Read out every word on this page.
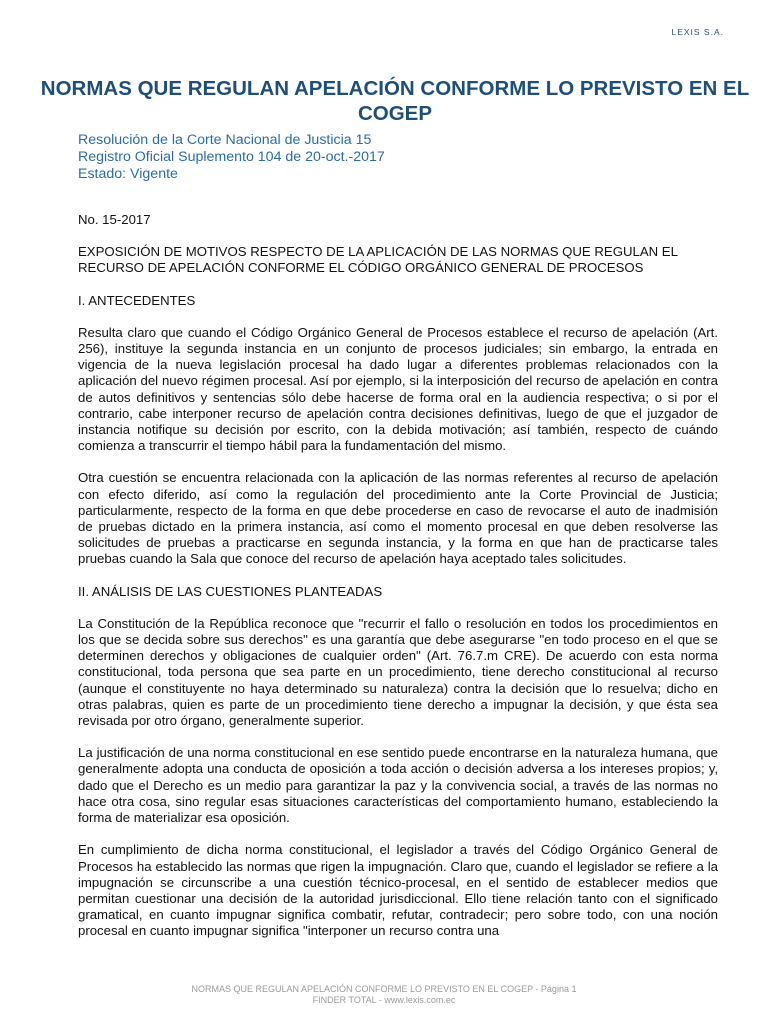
LEXIS S.A.
NORMAS QUE REGULAN APELACIÓN CONFORME LO PREVISTO EN EL COGEP
Resolución de la Corte Nacional de Justicia 15
Registro Oficial Suplemento 104 de 20-oct.-2017
Estado: Vigente

No. 15-2017

EXPOSICIÓN DE MOTIVOS RESPECTO DE LA APLICACIÓN DE LAS NORMAS QUE REGULAN EL RECURSO DE APELACIÓN CONFORME EL CÓDIGO ORGÁNICO GENERAL DE PROCESOS

I. ANTECEDENTES

Resulta claro que cuando el Código Orgánico General de Procesos establece el recurso de apelación (Art. 256), instituye la segunda instancia en un conjunto de procesos judiciales; sin embargo, la entrada en vigencia de la nueva legislación procesal ha dado lugar a diferentes problemas relacionados con la aplicación del nuevo régimen procesal. Así por ejemplo, si la interposición del recurso de apelación en contra de autos definitivos y sentencias sólo debe hacerse de forma oral en la audiencia respectiva; o si por el contrario, cabe interponer recurso de apelación contra decisiones definitivas, luego de que el juzgador de instancia notifique su decisión por escrito, con la debida motivación; así también, respecto de cuándo comienza a transcurrir el tiempo hábil para la fundamentación del mismo.

Otra cuestión se encuentra relacionada con la aplicación de las normas referentes al recurso de apelación con efecto diferido, así como la regulación del procedimiento ante la Corte Provincial de Justicia; particularmente, respecto de la forma en que debe procederse en caso de revocarse el auto de inadmisión de pruebas dictado en la primera instancia, así como el momento procesal en que deben resolverse las solicitudes de pruebas a practicarse en segunda instancia, y la forma en que han de practicarse tales pruebas cuando la Sala que conoce del recurso de apelación haya aceptado tales solicitudes.

II. ANÁLISIS DE LAS CUESTIONES PLANTEADAS

La Constitución de la República reconoce que "recurrir el fallo o resolución en todos los procedimientos en los que se decida sobre sus derechos" es una garantía que debe asegurarse "en todo proceso en el que se determinen derechos y obligaciones de cualquier orden" (Art. 76.7.m CRE). De acuerdo con esta norma constitucional, toda persona que sea parte en un procedimiento, tiene derecho constitucional al recurso (aunque el constituyente no haya determinado su naturaleza) contra la decisión que lo resuelva; dicho en otras palabras, quien es parte de un procedimiento tiene derecho a impugnar la decisión, y que ésta sea revisada por otro órgano, generalmente superior.

La justificación de una norma constitucional en ese sentido puede encontrarse en la naturaleza humana, que generalmente adopta una conducta de oposición a toda acción o decisión adversa a los intereses propios; y, dado que el Derecho es un medio para garantizar la paz y la convivencia social, a través de las normas no hace otra cosa, sino regular esas situaciones características del comportamiento humano, estableciendo la forma de materializar esa oposición.

En cumplimiento de dicha norma constitucional, el legislador a través del Código Orgánico General de Procesos ha establecido las normas que rigen la impugnación. Claro que, cuando el legislador se refiere a la impugnación se circunscribe a una cuestión técnico-procesal, en el sentido de establecer medios que permitan cuestionar una decisión de la autoridad jurisdiccional. Ello tiene relación tanto con el significado gramatical, en cuanto impugnar significa combatir, refutar, contradecir; pero sobre todo, con una noción procesal en cuanto impugnar significa "interponer un recurso contra una

NORMAS QUE REGULAN APELACIÓN CONFORME LO PREVISTO EN EL COGEP - Página 1
FINDER TOTAL - www.lexis.com.ec
